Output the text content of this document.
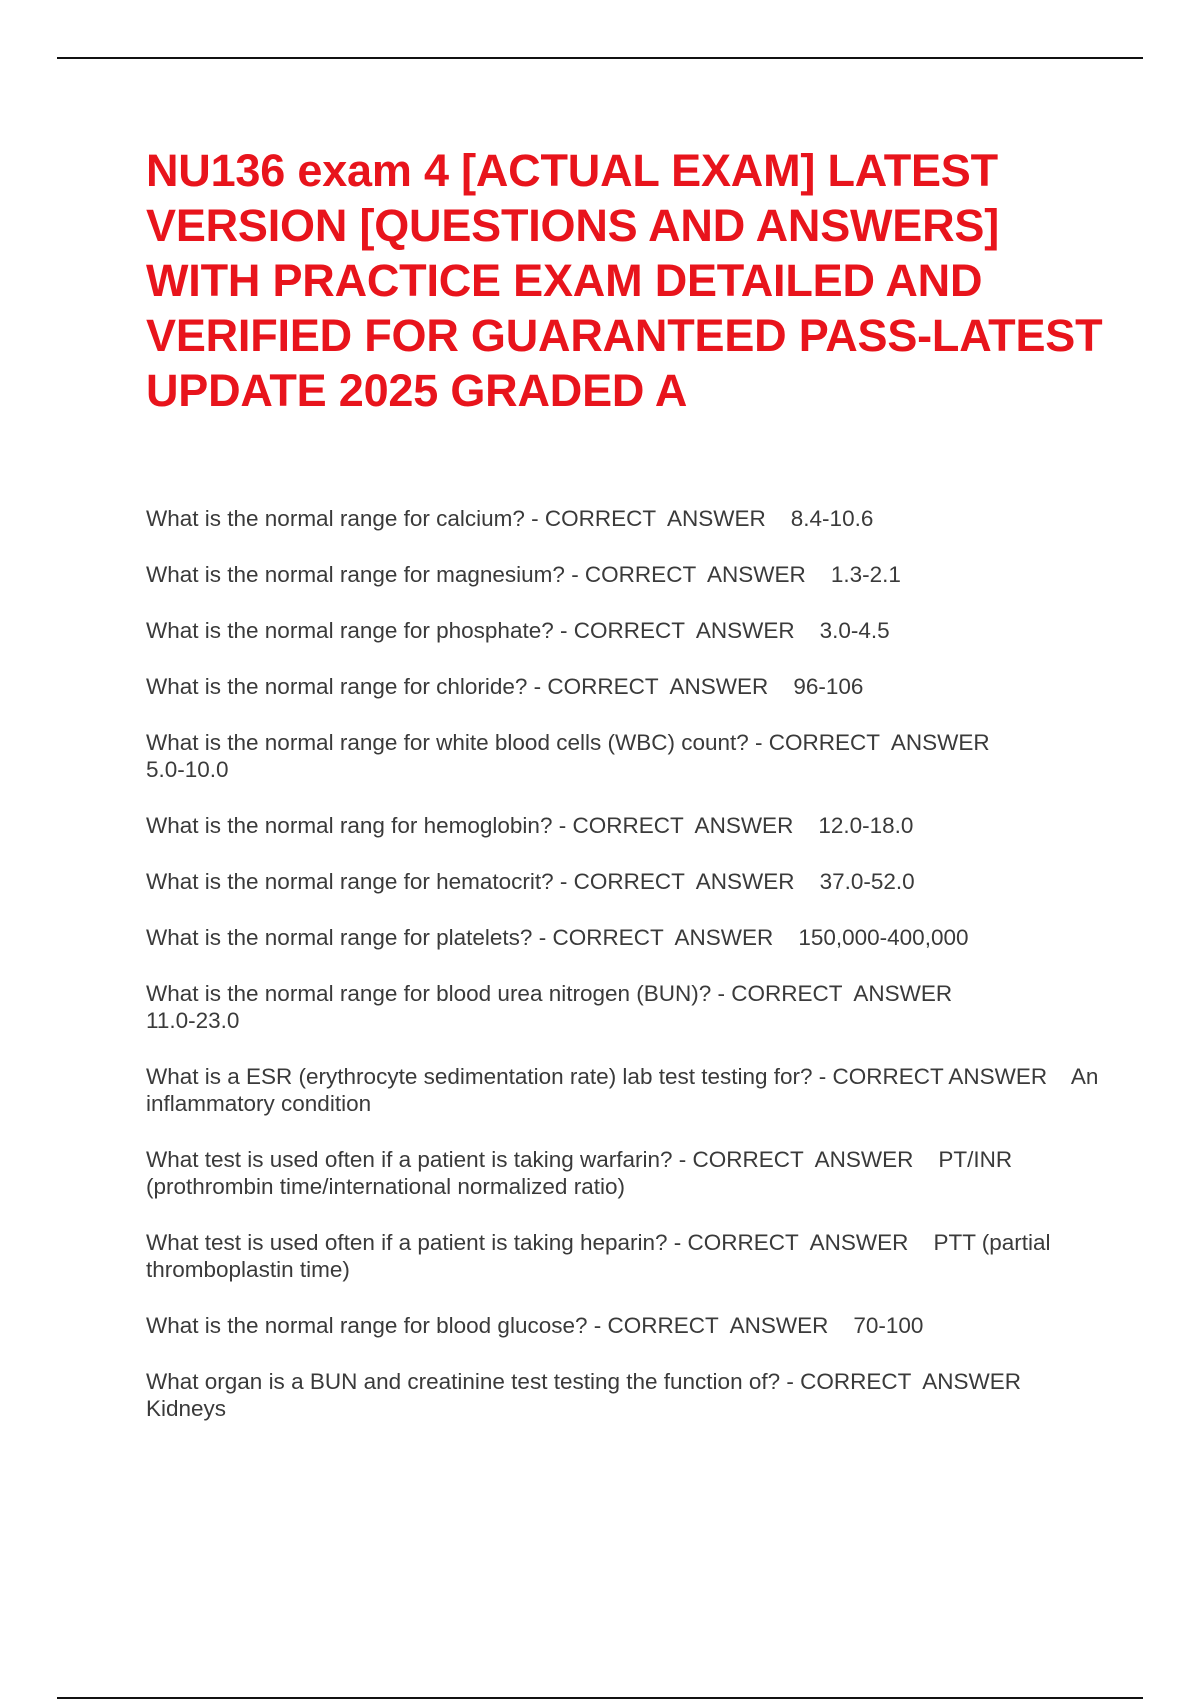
NU136 exam 4 [ACTUAL EXAM] LATEST VERSION [QUESTIONS AND ANSWERS] WITH PRACTICE EXAM DETAILED AND VERIFIED FOR GUARANTEED PASS-LATEST UPDATE 2025 GRADED A
What is the normal range for calcium? - CORRECT  ANSWER 8.4-10.6
What is the normal range for magnesium? - CORRECT  ANSWER 1.3-2.1
What is the normal range for phosphate? - CORRECT  ANSWER 3.0-4.5
What is the normal range for chloride? - CORRECT  ANSWER 96-106
What is the normal range for white blood cells (WBC) count? - CORRECT  ANSWER
5.0-10.0
What is the normal rang for hemoglobin? - CORRECT  ANSWER 12.0-18.0
What is the normal range for hematocrit? - CORRECT  ANSWER 37.0-52.0
What is the normal range for platelets? - CORRECT  ANSWER 150,000-400,000
What is the normal range for blood urea nitrogen (BUN)? - CORRECT  ANSWER
11.0-23.0
What is a ESR (erythrocyte sedimentation rate) lab test testing for? - CORRECT ANSWER An inflammatory condition
What test is used often if a patient is taking warfarin? - CORRECT  ANSWER PT/INR (prothrombin time/international normalized ratio)
What test is used often if a patient is taking heparin? - CORRECT  ANSWER PTT (partial thromboplastin time)
What is the normal range for blood glucose? - CORRECT  ANSWER 70-100
What organ is a BUN and creatinine test testing the function of? - CORRECT  ANSWER
Kidneys
